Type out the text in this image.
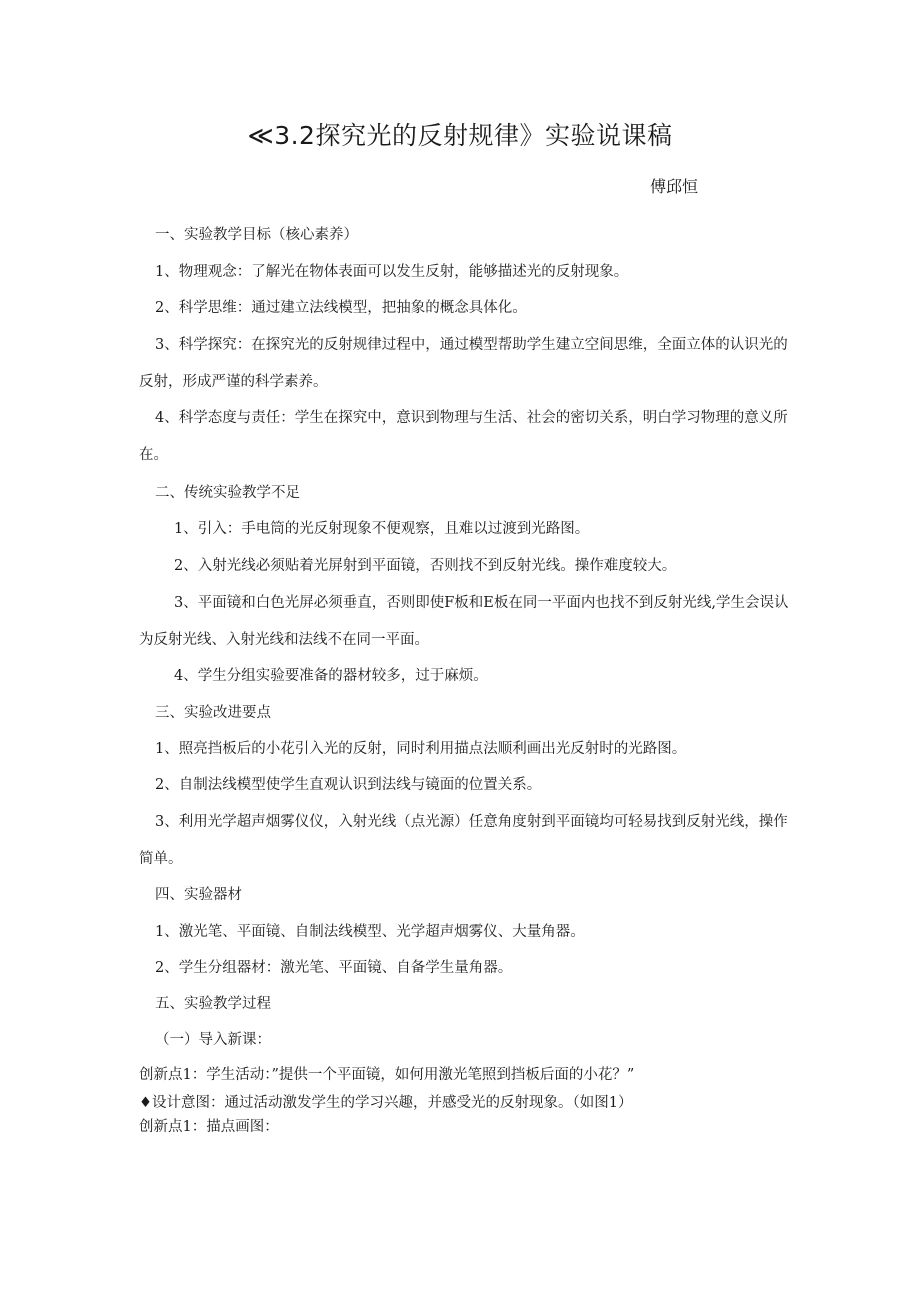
≪3.2探究光的反射规律》实验说课稿
傅邱恒
一、实验教学目标（核心素养）
1、物理观念：了解光在物体表面可以发生反射，能够描述光的反射现象。
2、科学思维：通过建立法线模型，把抽象的概念具体化。
3、科学探究：在探究光的反射规律过程中，通过模型帮助学生建立空间思维，全面立体的认识光的反射，形成严谨的科学素养。
4、科学态度与责任：学生在探究中，意识到物理与生活、社会的密切关系，明白学习物理的意义所在。
二、传统实验教学不足
1、引入：手电筒的光反射现象不便观察，且难以过渡到光路图。
2、入射光线必须贴着光屏射到平面镜，否则找不到反射光线。操作难度较大。
3、平面镜和白色光屏必须垂直，否则即使F板和E板在同一平面内也找不到反射光线,学生会误认为反射光线、入射光线和法线不在同一平面。
4、学生分组实验要准备的器材较多，过于麻烦。
三、实验改进要点
1、照亮挡板后的小花引入光的反射，同时利用描点法顺利画出光反射时的光路图。
2、自制法线模型使学生直观认识到法线与镜面的位置关系。
3、利用光学超声烟雾仪仪，入射光线（点光源）任意角度射到平面镜均可轻易找到反射光线，操作简单。
四、实验器材
1、激光笔、平面镜、自制法线模型、光学超声烟雾仪、大量角器。
2、学生分组器材：激光笔、平面镜、自备学生量角器。
五、实验教学过程
（一）导入新课：
创新点1：学生活动：”提供一个平面镜，如何用激光笔照到挡板后面的小花？”
♦设计意图：通过活动激发学生的学习兴趣，并感受光的反射现象。（如图1）
创新点1：描点画图：
